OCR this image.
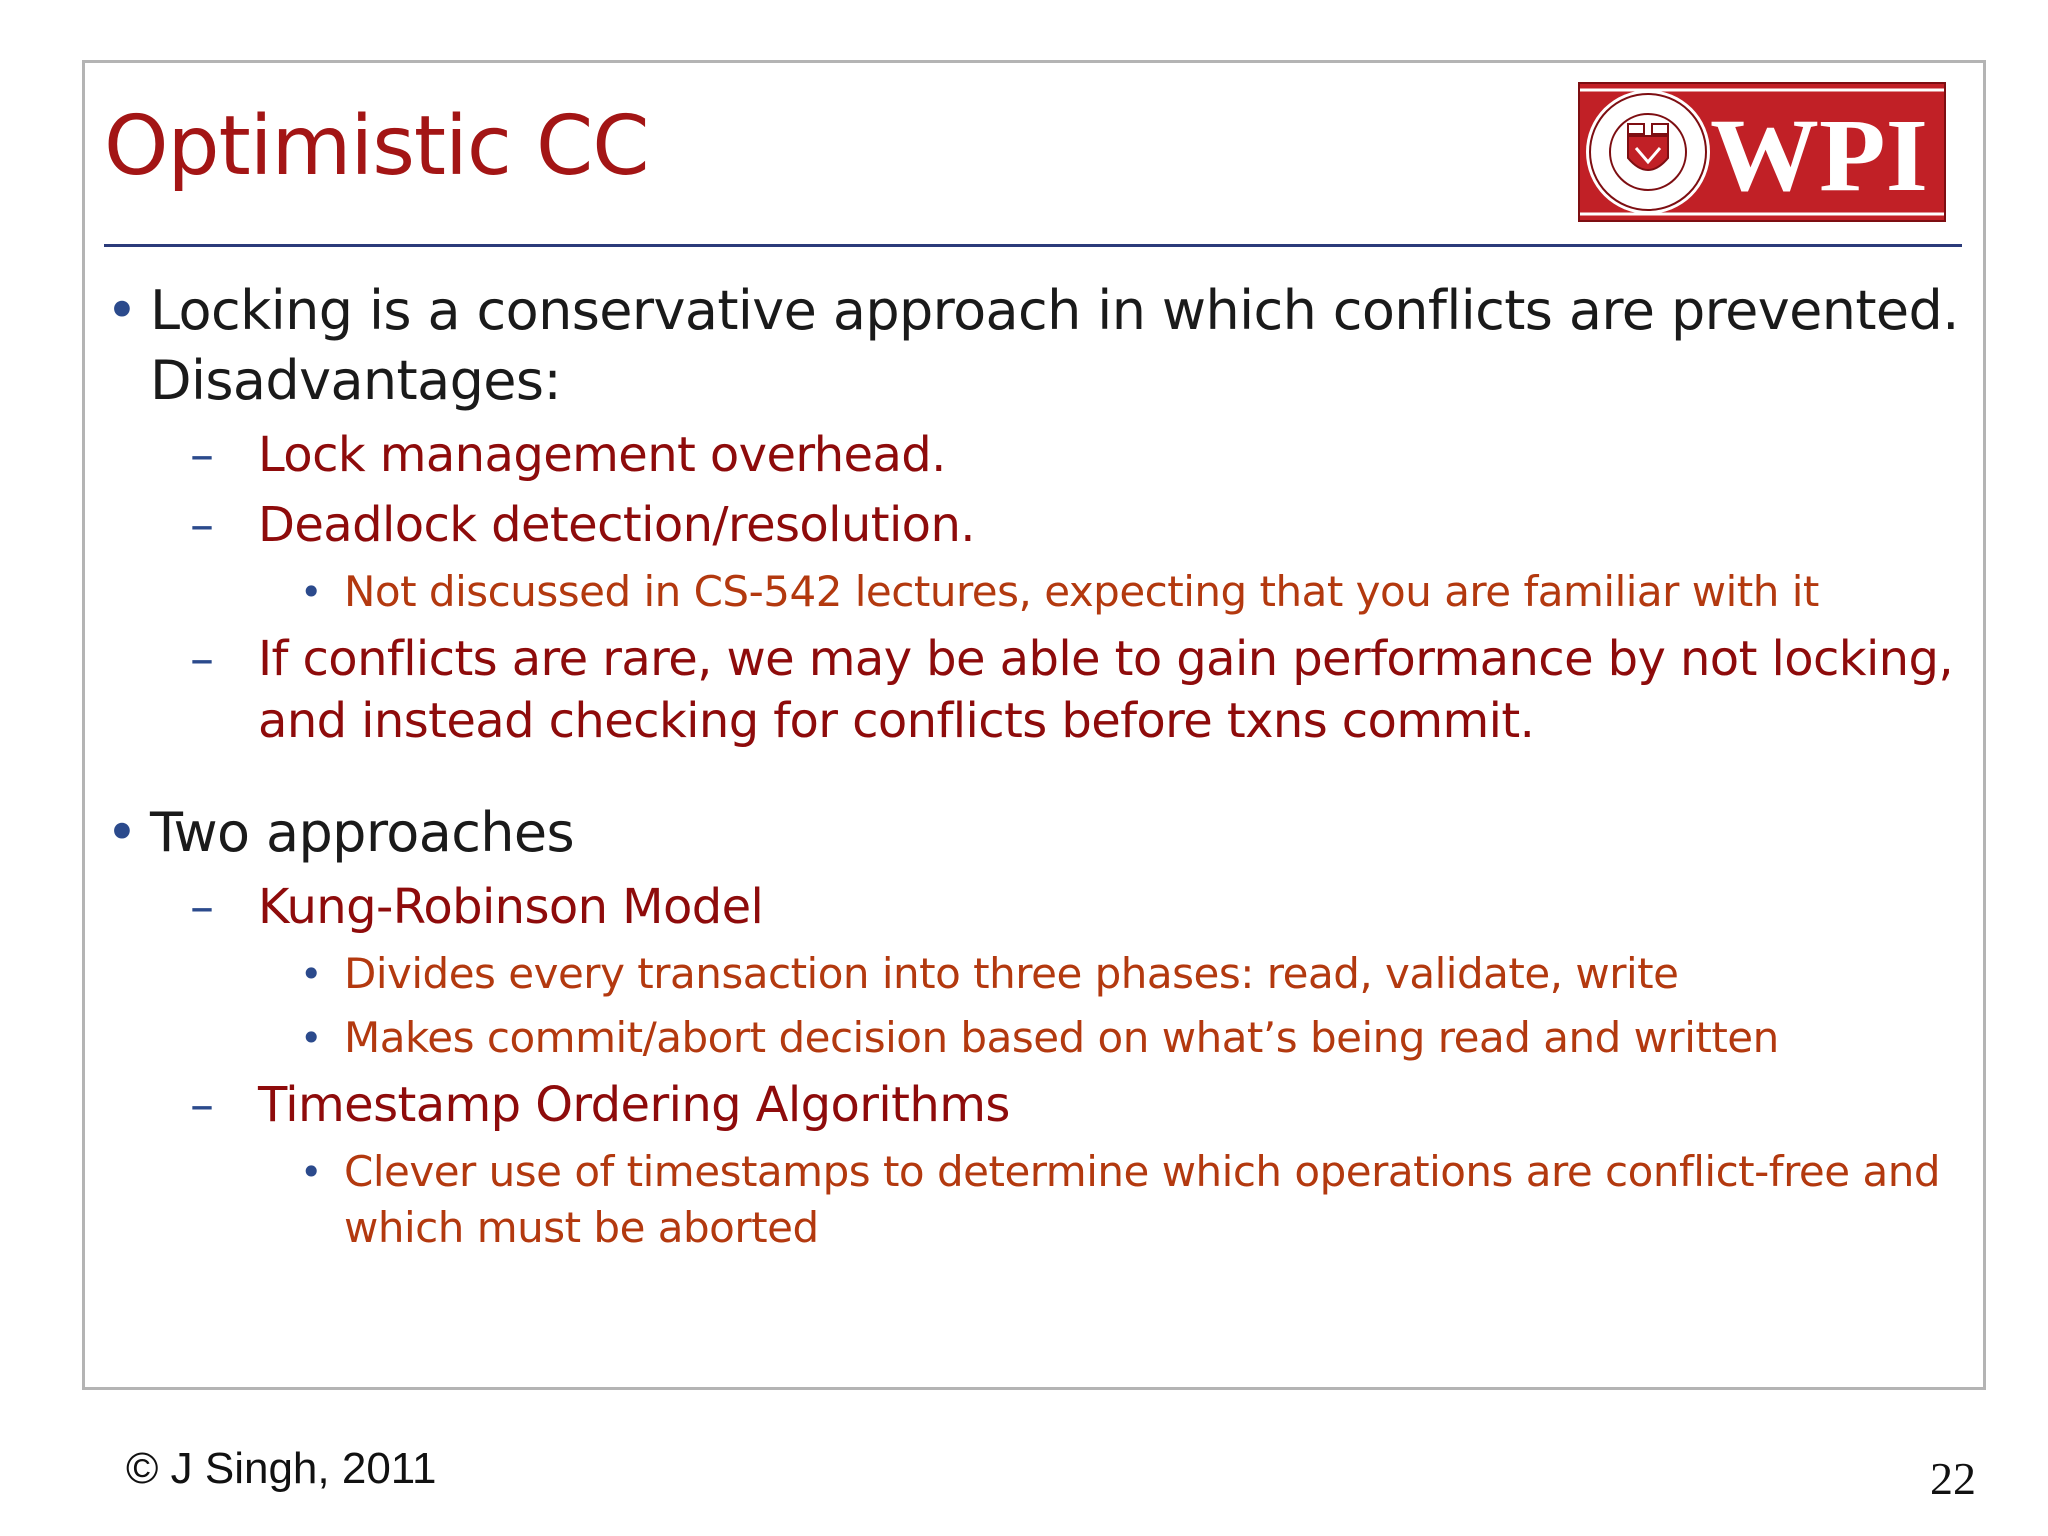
Optimistic CC	WPI
• Locking is a conservative approach in which conflicts are prevented. Disadvantages:
– Lock management overhead.
– Deadlock detection/resolution.
• Not discussed in CS-542 lectures, expecting that you are familiar with it
– If conflicts are rare, we may be able to gain performance by not locking, and instead checking for conflicts before txns commit.
• Two approaches
– Kung-Robinson Model
• Divides every transaction into three phases: read, validate, write
• Makes commit/abort decision based on what’s being read and written
– Timestamp Ordering Algorithms
• Clever use of timestamps to determine which operations are conflict-free and which must be aborted
© J Singh, 2011	22
